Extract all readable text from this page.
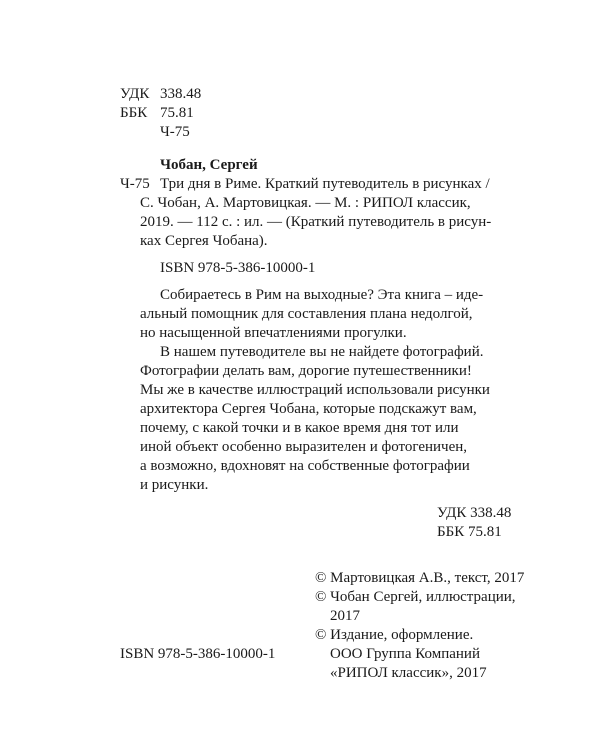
УДК 338.48
ББК 75.81
Ч-75
Чобан, Сергей
Ч-75 Три дня в Риме. Краткий путеводитель в рисунках /
С. Чобан, А. Мартовицкая. — М. : РИПОЛ классик,
2019. — 112 с. : ил. — (Краткий путеводитель в рисун-
ках Сергея Чобана).
ISBN 978-5-386-10000-1
Собираетесь в Рим на выходные? Эта книга – иде-
альный помощник для составления плана недолгой,
но насыщенной впечатлениями прогулки.
В нашем путеводителе вы не найдете фотографий.
Фотографии делать вам, дорогие путешественники!
Мы же в качестве иллюстраций использовали рисунки
архитектора Сергея Чобана, которые подскажут вам,
почему, с какой точки и в какое время дня тот или
иной объект особенно выразителен и фотогеничен,
а возможно, вдохновят на собственные фотографии
и рисунки.
УДК 338.48
ББК 75.81
© Мартовицкая А.В., текст, 2017
© Чобан Сергей, иллюстрации,
2017
© Издание, оформление.
ООО Группа Компаний
«РИПОЛ классик», 2017
ISBN 978-5-386-10000-1
